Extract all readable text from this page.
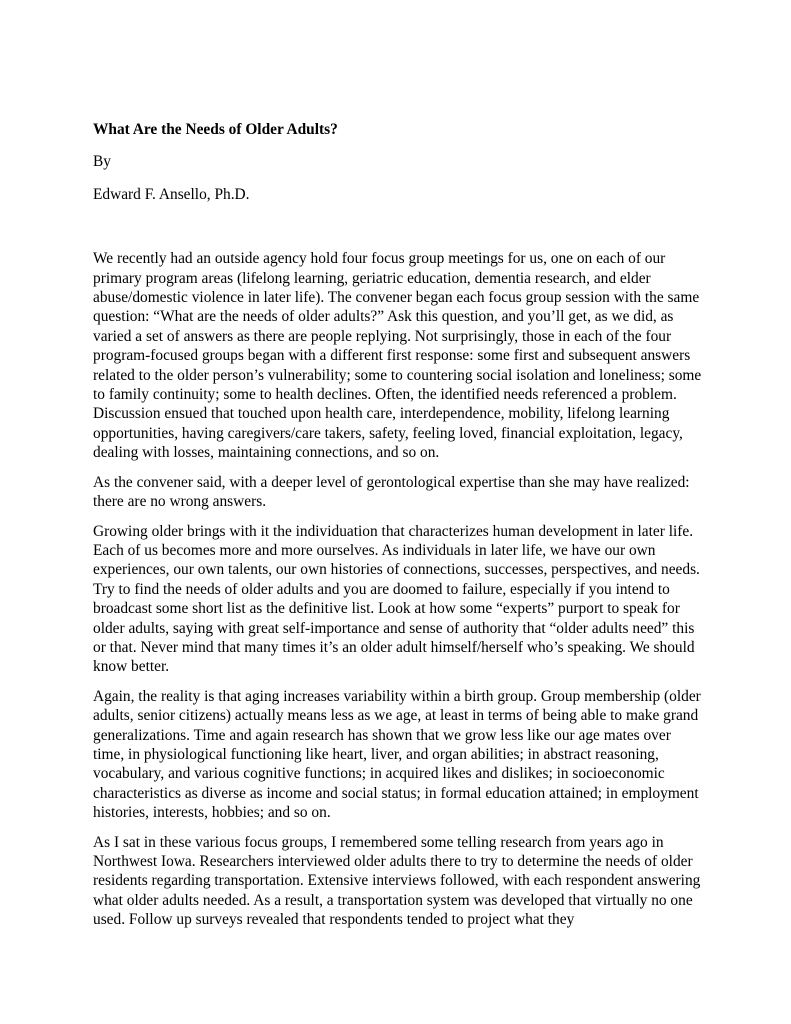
What Are the Needs of Older Adults?

By

Edward F. Ansello, Ph.D.

We recently had an outside agency hold four focus group meetings for us, one on each of our primary program areas (lifelong learning, geriatric education, dementia research, and elder abuse/domestic violence in later life). The convener began each focus group session with the same question: “What are the needs of older adults?” Ask this question, and you’ll get, as we did, as varied a set of answers as there are people replying. Not surprisingly, those in each of the four program-focused groups began with a different first response: some first and subsequent answers related to the older person’s vulnerability; some to countering social isolation and loneliness; some to family continuity; some to health declines. Often, the identified needs referenced a problem. Discussion ensued that touched upon health care, interdependence, mobility, lifelong learning opportunities, having caregivers/care takers, safety, feeling loved, financial exploitation, legacy, dealing with losses, maintaining connections, and so on.

As the convener said, with a deeper level of gerontological expertise than she may have realized: there are no wrong answers.

Growing older brings with it the individuation that characterizes human development in later life. Each of us becomes more and more ourselves. As individuals in later life, we have our own experiences, our own talents, our own histories of connections, successes, perspectives, and needs. Try to find the needs of older adults and you are doomed to failure, especially if you intend to broadcast some short list as the definitive list. Look at how some “experts” purport to speak for older adults, saying with great self-importance and sense of authority that “older adults need” this or that. Never mind that many times it’s an older adult himself/herself who’s speaking. We should know better.

Again, the reality is that aging increases variability within a birth group. Group membership (older adults, senior citizens) actually means less as we age, at least in terms of being able to make grand generalizations. Time and again research has shown that we grow less like our age mates over time, in physiological functioning like heart, liver, and organ abilities; in abstract reasoning, vocabulary, and various cognitive functions; in acquired likes and dislikes; in socioeconomic characteristics as diverse as income and social status; in formal education attained; in employment histories, interests, hobbies; and so on.

As I sat in these various focus groups, I remembered some telling research from years ago in Northwest Iowa. Researchers interviewed older adults there to try to determine the needs of older residents regarding transportation. Extensive interviews followed, with each respondent answering what older adults needed. As a result, a transportation system was developed that virtually no one used. Follow up surveys revealed that respondents tended to project what they
